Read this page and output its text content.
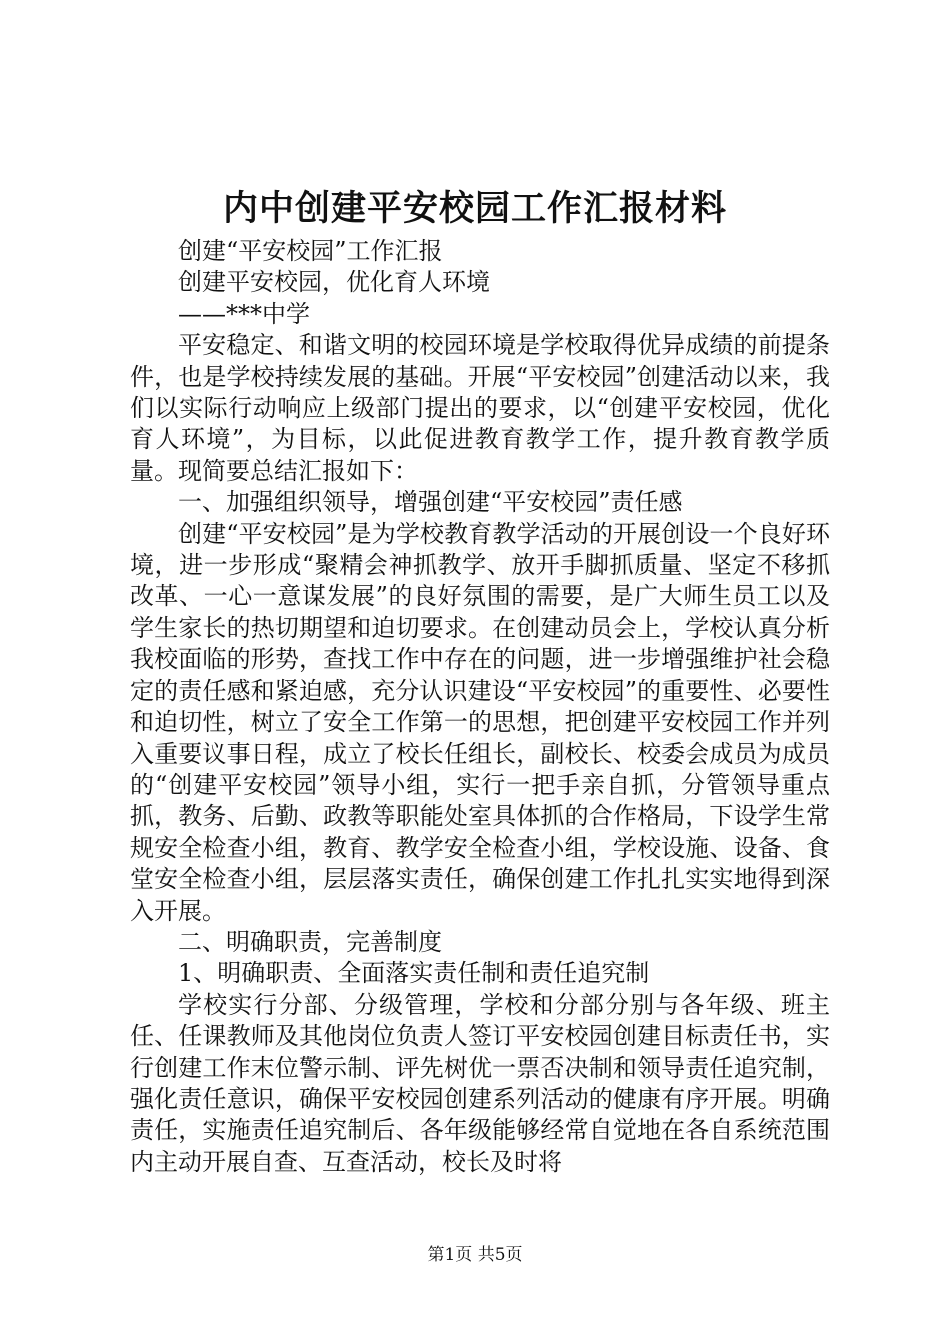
内中创建平安校园工作汇报材料

创建“平安校园”工作汇报

创建平安校园，优化育人环境

——***中学

平安稳定、和谐文明的校园环境是学校取得优异成绩的前提条件，也是学校持续发展的基础。开展“平安校园”创建活动以来，我们以实际行动响应上级部门提出的要求，以“创建平安校园，优化育人环境”，为目标，以此促进教育教学工作，提升教育教学质量。现简要总结汇报如下：

一、加强组织领导，增强创建“平安校园”责任感

创建“平安校园”是为学校教育教学活动的开展创设一个良好环境，进一步形成“聚精会神抓教学、放开手脚抓质量、坚定不移抓改革、一心一意谋发展”的良好氛围的需要，是广大师生员工以及学生家长的热切期望和迫切要求。在创建动员会上，学校认真分析我校面临的形势，查找工作中存在的问题，进一步增强维护社会稳定的责任感和紧迫感，充分认识建设“平安校园”的重要性、必要性和迫切性，树立了安全工作第一的思想，把创建平安校园工作并列入重要议事日程，成立了校长任组长，副校长、校委会成员为成员的“创建平安校园”领导小组，实行一把手亲自抓，分管领导重点抓，教务、后勤、政教等职能处室具体抓的合作格局，下设学生常规安全检查小组，教育、教学安全检查小组，学校设施、设备、食堂安全检查小组，层层落实责任，确保创建工作扎扎实实地得到深入开展。

二、明确职责，完善制度

1、明确职责、全面落实责任制和责任追究制

学校实行分部、分级管理，学校和分部分别与各年级、班主任、任课教师及其他岗位负责人签订平安校园创建目标责任书，实行创建工作末位警示制、评先树优一票否决制和领导责任追究制，强化责任意识，确保平安校园创建系列活动的健康有序开展。明确责任，实施责任追究制后、各年级能够经常自觉地在各自系统范围内主动开展自查、互查活动，校长及时将

第1页 共5页
